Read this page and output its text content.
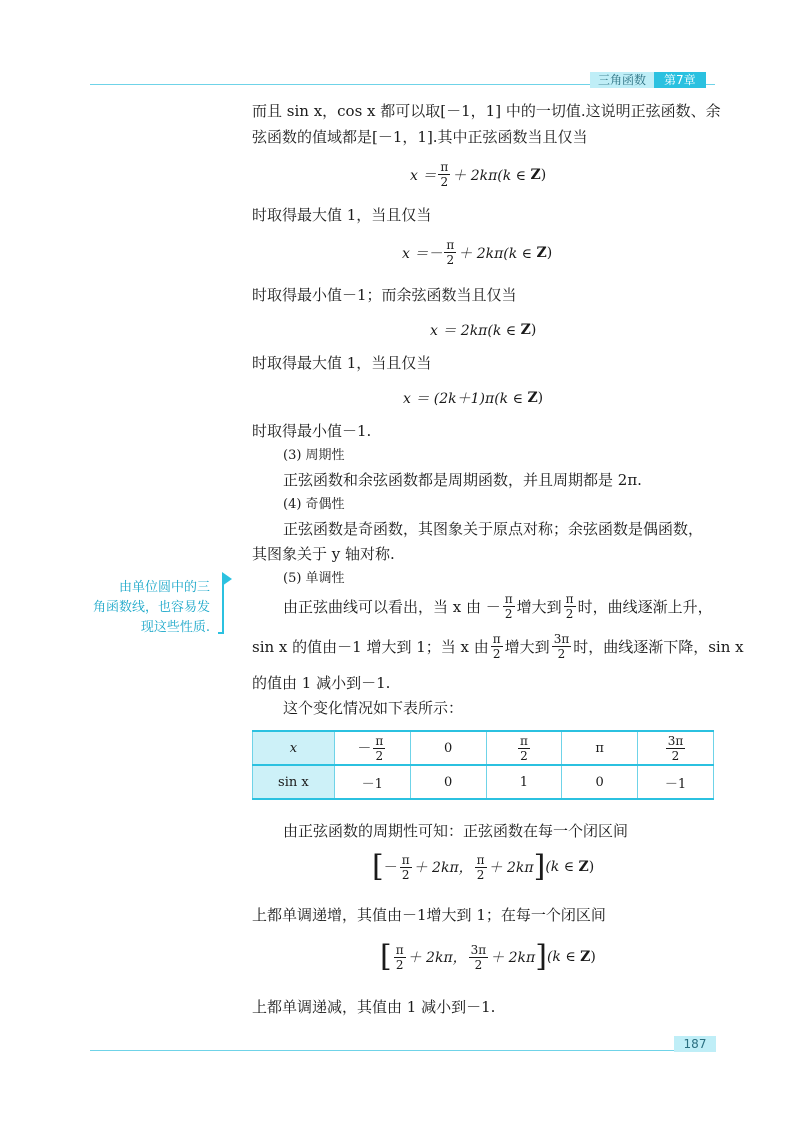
三角函数	第7章
而且 sin x，cos x 都可以取[－1，1] 中的一切值.这说明正弦函数、余
弦函数的值域都是[－1，1].其中正弦函数当且仅当
$x = \frac{\pi}{2} + 2k\pi(k$ ∈
Z )
时取得最大值 1，当且仅当
$x =- \frac{\pi}{2} + 2k\pi(k$ ∈
Z )
时取得最小值－1；而余弦函数当且仅当
x ＝ 2kπ(k ∈
Z )
时取得最大值 1，当且仅当
x ＝ (2k＋1)π(k ∈
Z )
时取得最小值－1.
(3) 周期性
正弦函数和余弦函数都是周期函数，并且周期都是 2π.
(4) 奇偶性
正弦函数是奇函数，其图象关于原点对称；余弦函数是偶函数，
其图象关于 y 轴对称.
(5) 单调性
由正弦曲线可以看出，当 x 由 － $\frac{\pi}{2}$ 增大到 $\frac{\pi}{2}$ 时，曲线逐渐上升，
sin x 的值由－1 增大到 1；当 x 由 $\frac{\pi}{2}$ 增大到 $\frac{3\pi}{2}$ 时，曲线逐渐下降，sin x
的值由 1 减小到－1.
这个变化情况如下表所示：
由单位圆中的三
角函数线，也容易发
现这些性质.
x	－ $\frac{\pi}{2}$	0	$\frac{\pi}{2}$	π	$\frac{3\pi}{2}$

sin x	－1	0	1	0	－1
由正弦函数的周期性可知：正弦函数在每一个闭区间
[ － $\frac{\pi}{2} + 2k\pi$， $\frac{\pi}{2} + 2k\pi$ ] (k ∈
Z )
上都单调递增，其值由－1增大到 1；在每一个闭区间
[ $\frac{\pi}{2} + 2k\pi$， $\frac{3\pi}{2} + 2k\pi$ ] (k ∈
Z )
上都单调递减，其值由 1 减小到－1.
187
